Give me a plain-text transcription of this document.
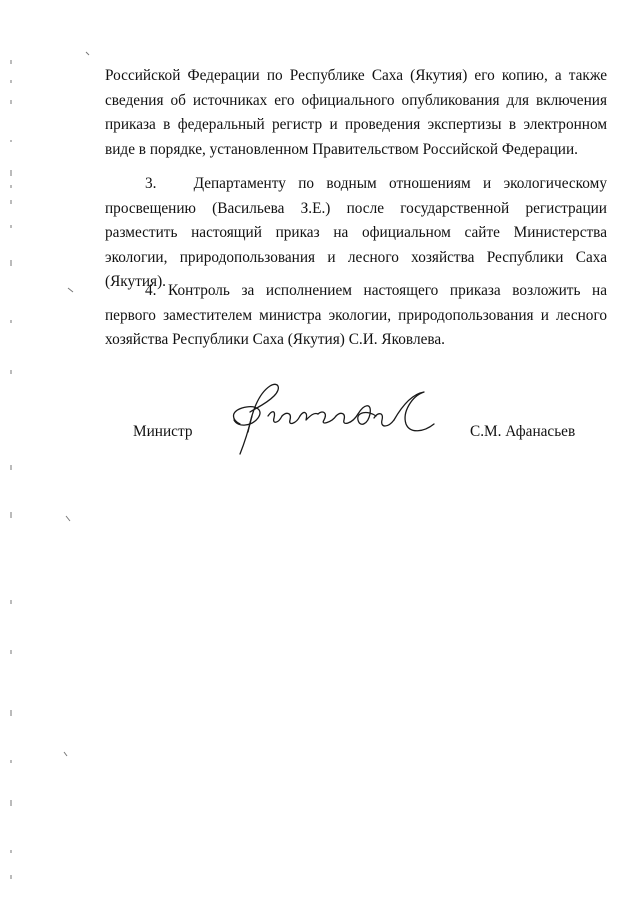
Российской Федерации по Республике Саха (Якутия) его копию, а также сведения об источниках его официального опубликования для включения приказа в федеральный регистр и проведения экспертизы в электронном виде в порядке, установленном Правительством Российской Федерации.

3.   Департаменту по водным отношениям и экологическому просвещению (Васильева З.Е.) после государственной регистрации разместить настоящий приказ на официальном сайте Министерства экологии, природопользования и лесного хозяйства Республики Саха (Якутия).

4. Контроль за исполнением настоящего приказа возложить на первого заместителем министра экологии, природопользования и лесного хозяйства Республики Саха (Якутия) С.И. Яковлева.

Министр	С.М. Афанасьев
